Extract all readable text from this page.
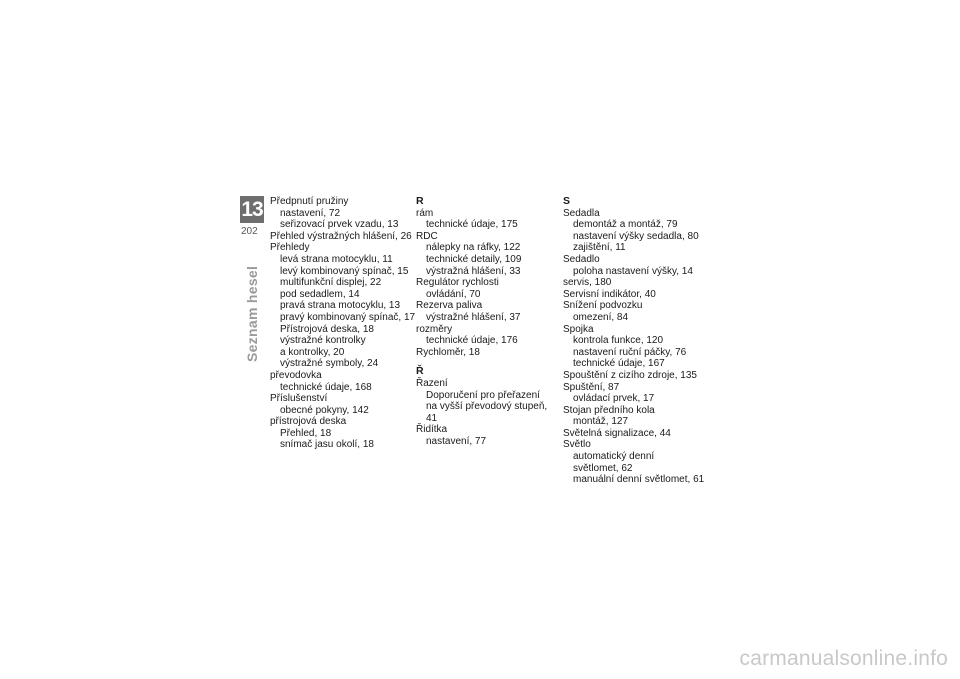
13
202
Seznam hesel
Předpnutí pružiny
nastavení, 72
seřizovací prvek vzadu, 13
Přehled výstražných hlášení, 26
Přehledy
levá strana motocyklu, 11
levý kombinovaný spínač, 15
multifunkční displej, 22
pod sedadlem, 14
pravá strana motocyklu, 13
pravý kombinovaný spínač, 17
Přístrojová deska, 18
výstražné kontrolky
a kontrolky, 20
výstražné symboly, 24
převodovka
technické údaje, 168
Příslušenství
obecné pokyny, 142
přístrojová deska
Přehled, 18
snímač jasu okolí, 18
R
rám
technické údaje, 175
RDC
nálepky na ráfky, 122
technické detaily, 109
výstražná hlášení, 33
Regulátor rychlosti
ovládání, 70
Rezerva paliva
výstražné hlášení, 37
rozměry
technické údaje, 176
Rychloměr, 18
Ř
Řazení
Doporučení pro přeřazení na vyšší převodový stupeň, 41
Řidítka
nastavení, 77
S
Sedadla
demontáž a montáž, 79
nastavení výšky sedadla, 80
zajištění, 11
Sedadlo
poloha nastavení výšky, 14
servis, 180
Servisní indikátor, 40
Snížení podvozku
omezení, 84
Spojka
kontrola funkce, 120
nastavení ruční páčky, 76
technické údaje, 167
Spouštění z cizího zdroje, 135
Spuštění, 87
ovládací prvek, 17
Stojan předního kola
montáž, 127
Světelná signalizace, 44
Světlo
automatický denní
světlomet, 62
manuální denní světlomet, 61
carmanualsonline.info
